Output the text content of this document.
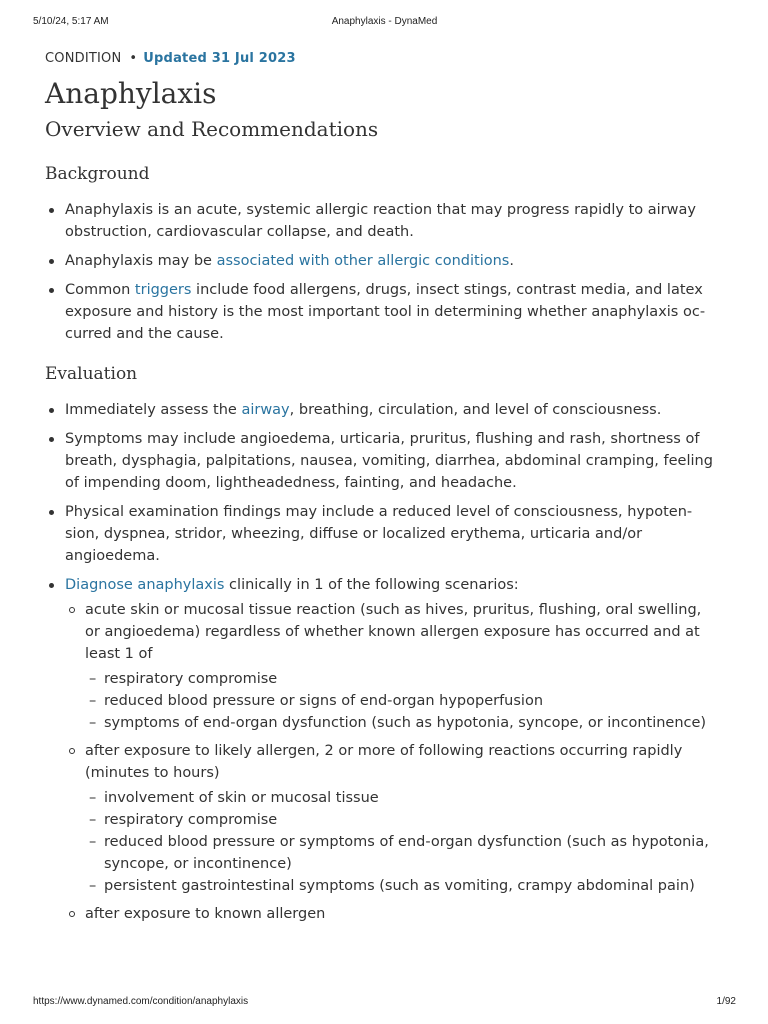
5/10/24, 5:17 AM	Anaphylaxis - DynaMed
CONDITION • Updated 31 Jul 2023
Anaphylaxis
Overview and Recommendations
Background
Anaphylaxis is an acute, systemic allergic reaction that may progress rapidly to airway obstruction, cardiovascular collapse, and death.
Anaphylaxis may be associated with other allergic conditions.
Common triggers include food allergens, drugs, insect stings, contrast media, and latex exposure and history is the most important tool in determining whether anaphylaxis occurred and the cause.
Evaluation
Immediately assess the airway, breathing, circulation, and level of consciousness.
Symptoms may include angioedema, urticaria, pruritus, flushing and rash, shortness of breath, dysphagia, palpitations, nausea, vomiting, diarrhea, abdominal cramping, feeling of impending doom, lightheadedness, fainting, and headache.
Physical examination findings may include a reduced level of consciousness, hypotension, dyspnea, stridor, wheezing, diffuse or localized erythema, urticaria and/or angioedema.
Diagnose anaphylaxis clinically in 1 of the following scenarios:
acute skin or mucosal tissue reaction (such as hives, pruritus, flushing, oral swelling, or angioedema) regardless of whether known allergen exposure has occurred and at least 1 of
– respiratory compromise
– reduced blood pressure or signs of end-organ hypoperfusion
– symptoms of end-organ dysfunction (such as hypotonia, syncope, or incontinence)
after exposure to likely allergen, 2 or more of following reactions occurring rapidly (minutes to hours)
– involvement of skin or mucosal tissue
– respiratory compromise
– reduced blood pressure or symptoms of end-organ dysfunction (such as hypotonia, syncope, or incontinence)
– persistent gastrointestinal symptoms (such as vomiting, crampy abdominal pain)
after exposure to known allergen
https://www.dynamed.com/condition/anaphylaxis	1/92
